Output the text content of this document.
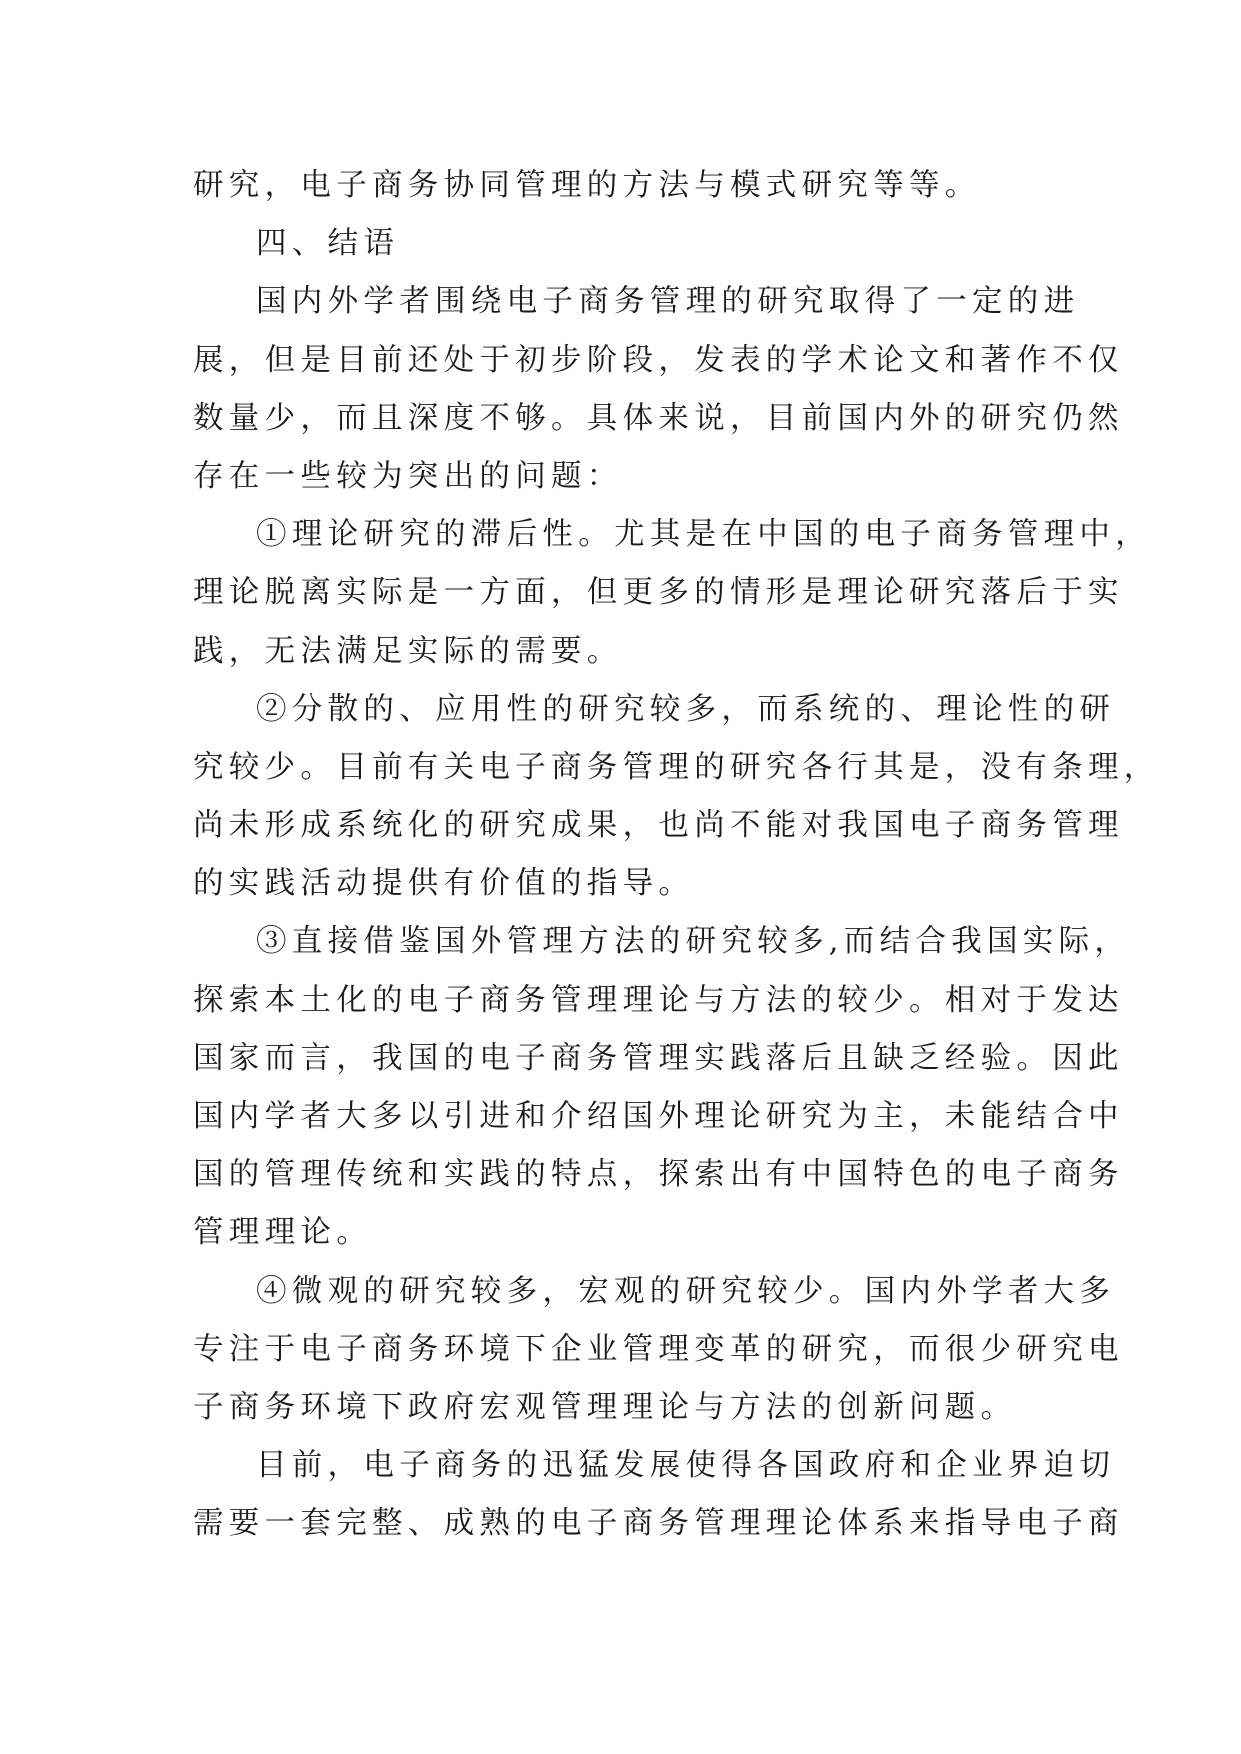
研究，电子商务协同管理的方法与模式研究等等。
四、结语
国内外学者围绕电子商务管理的研究取得了一定的进
展，但是目前还处于初步阶段，发表的学术论文和著作不仅
数量少，而且深度不够。具体来说，目前国内外的研究仍然
存在一些较为突出的问题：
①理论研究的滞后性。尤其是在中国的电子商务管理中，
理论脱离实际是一方面，但更多的情形是理论研究落后于实
践，无法满足实际的需要。
②分散的、应用性的研究较多，而系统的、理论性的研
究较少。目前有关电子商务管理的研究各行其是，没有条理，
尚未形成系统化的研究成果，也尚不能对我国电子商务管理
的实践活动提供有价值的指导。
③直接借鉴国外管理方法的研究较多,而结合我国实际，
探索本土化的电子商务管理理论与方法的较少。相对于发达
国家而言，我国的电子商务管理实践落后且缺乏经验。因此
国内学者大多以引进和介绍国外理论研究为主，未能结合中
国的管理传统和实践的特点，探索出有中国特色的电子商务
管理理论。
④微观的研究较多，宏观的研究较少。国内外学者大多
专注于电子商务环境下企业管理变革的研究，而很少研究电
子商务环境下政府宏观管理理论与方法的创新问题。
目前，电子商务的迅猛发展使得各国政府和企业界迫切
需要一套完整、成熟的电子商务管理理论体系来指导电子商
